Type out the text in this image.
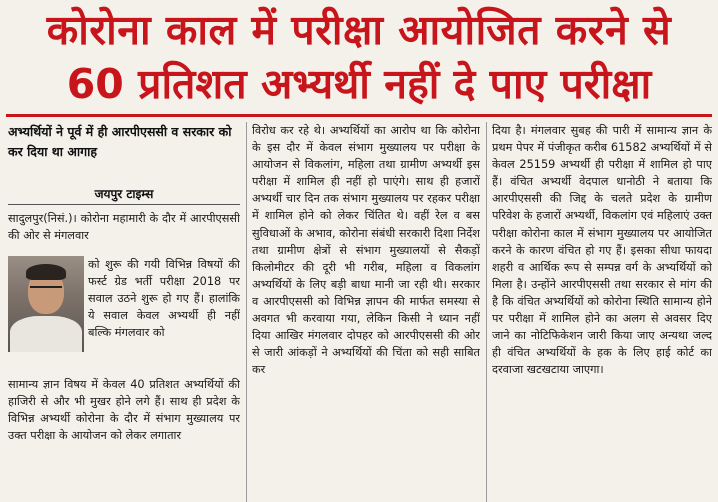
कोरोना काल में परीक्षा आयोजित करने से
60 प्रतिशत अभ्यर्थी नहीं दे पाए परीक्षा
अभ्यर्थियों ने पूर्व में ही आरपीएससी व सरकार को कर दिया था आगाह
जयपुर टाइम्स

सादुलपुर(निसं.)। कोरोना महामारी के दौर में आरपीएससी की ओर से मंगलवार

को शुरू की गयी विभिन्न विषयों की फर्स्ट ग्रेड भर्ती परीक्षा 2018 पर सवाल उठने शुरू हो गए हैं। हालांकि ये सवाल केवल अभ्यर्थी ही नहीं बल्कि मंगलवार को

सामान्य ज्ञान विषय में केवल 40 प्रतिशत अभ्यर्थियों की हाजिरी से और भी मुखर होने लगे हैं। साथ ही प्रदेश के विभिन्न अभ्यर्थी कोरोना के दौर में संभाग मुख्यालय पर उक्त परीक्षा के आयोजन को लेकर लगातार

विरोध कर रहे थे। अभ्यर्थियों का आरोप था कि कोरोना के इस दौर में केवल संभाग मुख्यालय पर परीक्षा के आयोजन से विकलांग, महिला तथा ग्रामीण अभ्यर्थी इस परीक्षा में शामिल ही नहीं हो पाएंगे। साथ ही हजारों अभ्यर्थी चार दिन तक संभाग मुख्यालय पर रहकर परीक्षा में शामिल होने को लेकर चिंतित थे। वहीं रेल व बस सुविधाओं के अभाव, कोरोना संबंधी सरकारी दिशा निर्देश तथा ग्रामीण क्षेत्रों से संभाग मुख्यालयों से सैकड़ों किलोमीटर की दूरी भी गरीब, महिला व विकलांग अभ्यर्थियों के लिए बड़ी बाधा मानी जा रही थी। सरकार व आरपीएससी को विभिन्न ज्ञापन की मार्फत समस्या से अवगत भी करवाया गया, लेकिन किसी ने ध्यान नहीं दिया आखिर मंगलवार दोपहर को आरपीएससी की ओर से जारी आंकड़ों ने अभ्यर्थियों की चिंता को सही साबित कर

दिया है। मंगलवार सुबह की पारी में सामान्य ज्ञान के प्रथम पेपर में पंजीकृत करीब 61582 अभ्यर्थियों में से केवल 25159 अभ्यर्थी ही परीक्षा में शामिल हो पाए हैं। वंचित अभ्यर्थी वेदपाल धानोठी ने बताया कि आरपीएससी की जिद्द के चलते प्रदेश के ग्रामीण परिवेश के हजारों अभ्यर्थी, विकलांग एवं महिलाएं उक्त परीक्षा कोरोना काल में संभाग मुख्यालय पर आयोजित करने के कारण वंचित हो गए हैं। इसका सीधा फायदा शहरी व आर्थिक रूप से सम्पन्न वर्ग के अभ्यर्थियों को मिला है। उन्होंने आरपीएससी तथा सरकार से मांग की है कि वंचित अभ्यर्थियों को कोरोना स्थिति सामान्य होने पर परीक्षा में शामिल होने का अलग से अवसर दिए जाने का नोटिफिकेशन जारी किया जाए अन्यथा जल्द ही वंचित अभ्यर्थियों के हक के लिए हाई कोर्ट का दरवाजा खटखटाया जाएगा।
